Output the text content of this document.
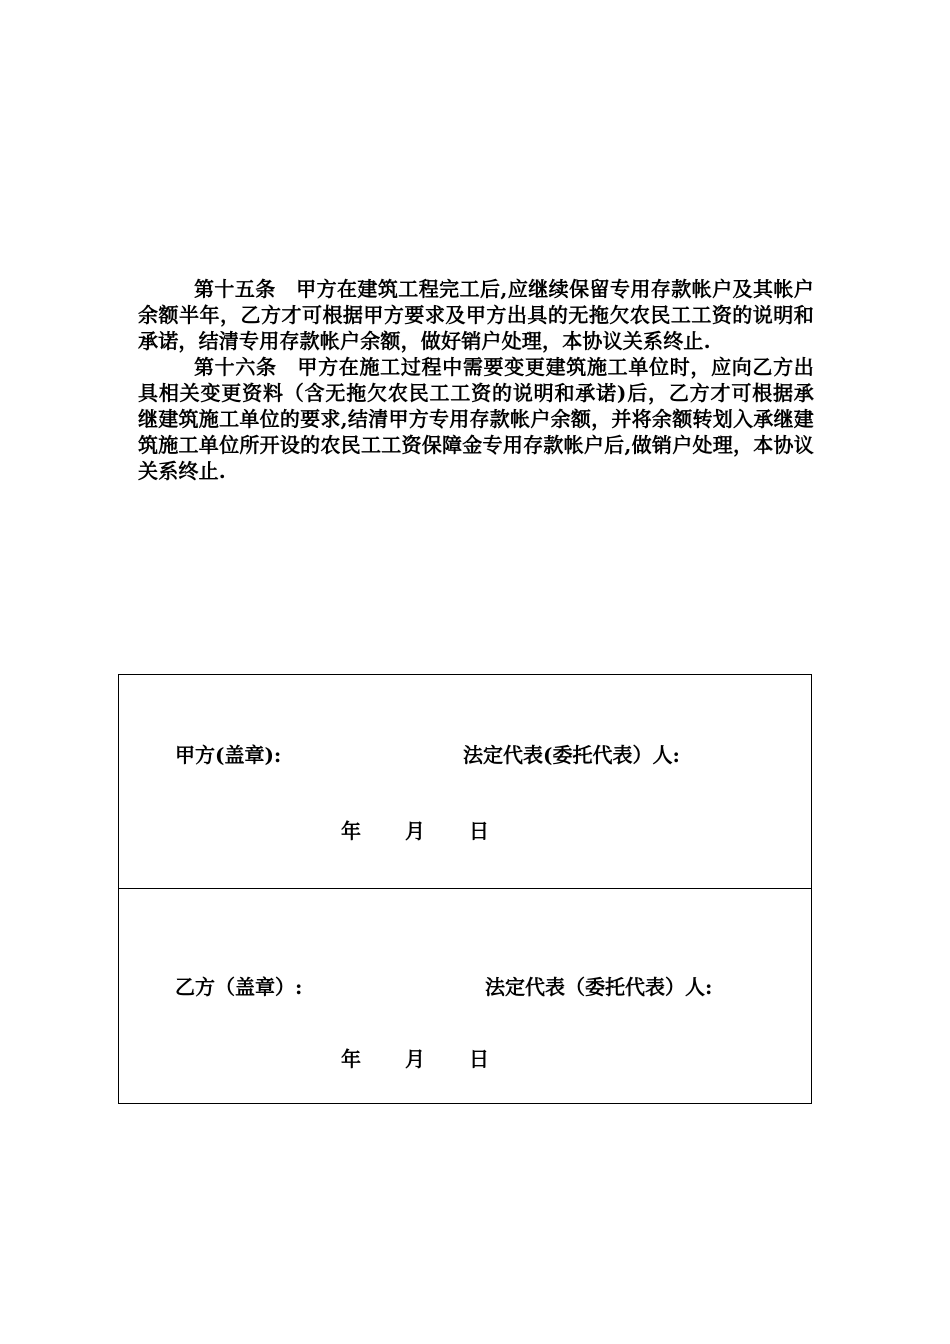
第十五条　 甲方在建筑工程完工后,应继续保留专用存款帐户及其帐户余额半年，乙方才可根据甲方要求及甲方出具的无拖欠农民工工资的说明和承诺，结清专用存款帐户余额，做好销户处理，本协议关系终止.

第十六条　 甲方在施工过程中需要变更建筑施工单位时，应向乙方出具相关变更资料（含无拖欠农民工工资的说明和承诺)后，乙方才可根据承继建筑施工单位的要求,结清甲方专用存款帐户余额，并将余额转划入承继建筑施工单位所开设的农民工工资保障金专用存款帐户后,做销户处理，本协议关系终止.

甲方(盖章):	法定代表(委托代表）人:
年 月 日
乙方（盖章）:	法定代表（委托代表）人:
年 月 日
